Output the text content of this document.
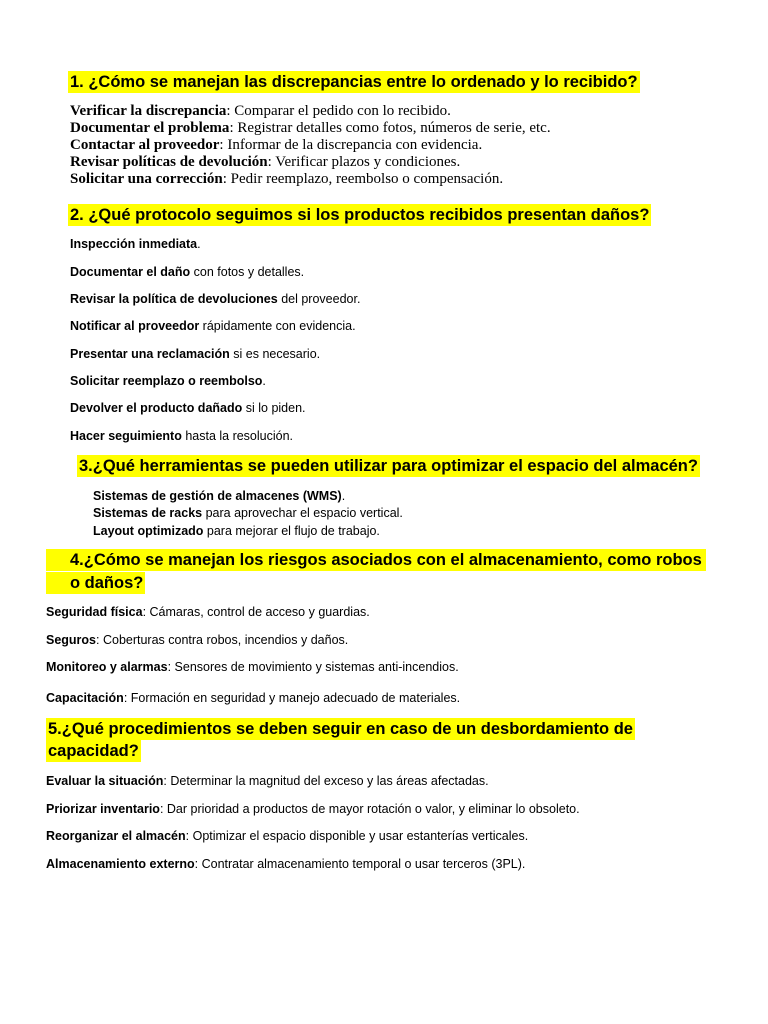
1. ¿Cómo se manejan las discrepancias entre lo ordenado y lo recibido?

Verificar la discrepancia: Comparar el pedido con lo recibido.

Documentar el problema: Registrar detalles como fotos, números de serie, etc.

Contactar al proveedor: Informar de la discrepancia con evidencia.

Revisar políticas de devolución: Verificar plazos y condiciones.

Solicitar una corrección: Pedir reemplazo, reembolso o compensación.

2. ¿Qué protocolo seguimos si los productos recibidos presentan daños?

Inspección inmediata.

Documentar el daño con fotos y detalles.

Revisar la política de devoluciones del proveedor.

Notificar al proveedor rápidamente con evidencia.

Presentar una reclamación si es necesario.

Solicitar reemplazo o reembolso.

Devolver el producto dañado si lo piden.

Hacer seguimiento hasta la resolución.

3.¿Qué herramientas se pueden utilizar para optimizar el espacio del almacén?

Sistemas de gestión de almacenes (WMS).

Sistemas de racks para aprovechar el espacio vertical.

Layout optimizado para mejorar el flujo de trabajo.

4.¿Cómo se manejan los riesgos asociados con el almacenamiento, como robos
o daños?

Seguridad física: Cámaras, control de acceso y guardias.

Seguros: Coberturas contra robos, incendios y daños.

Monitoreo y alarmas: Sensores de movimiento y sistemas anti-incendios.

Capacitación: Formación en seguridad y manejo adecuado de materiales.

5.¿Qué procedimientos se deben seguir en caso de un desbordamiento de
capacidad?

Evaluar la situación: Determinar la magnitud del exceso y las áreas afectadas.

Priorizar inventario: Dar prioridad a productos de mayor rotación o valor, y eliminar lo obsoleto.

Reorganizar el almacén: Optimizar el espacio disponible y usar estanterías verticales.

Almacenamiento externo: Contratar almacenamiento temporal o usar terceros (3PL).
